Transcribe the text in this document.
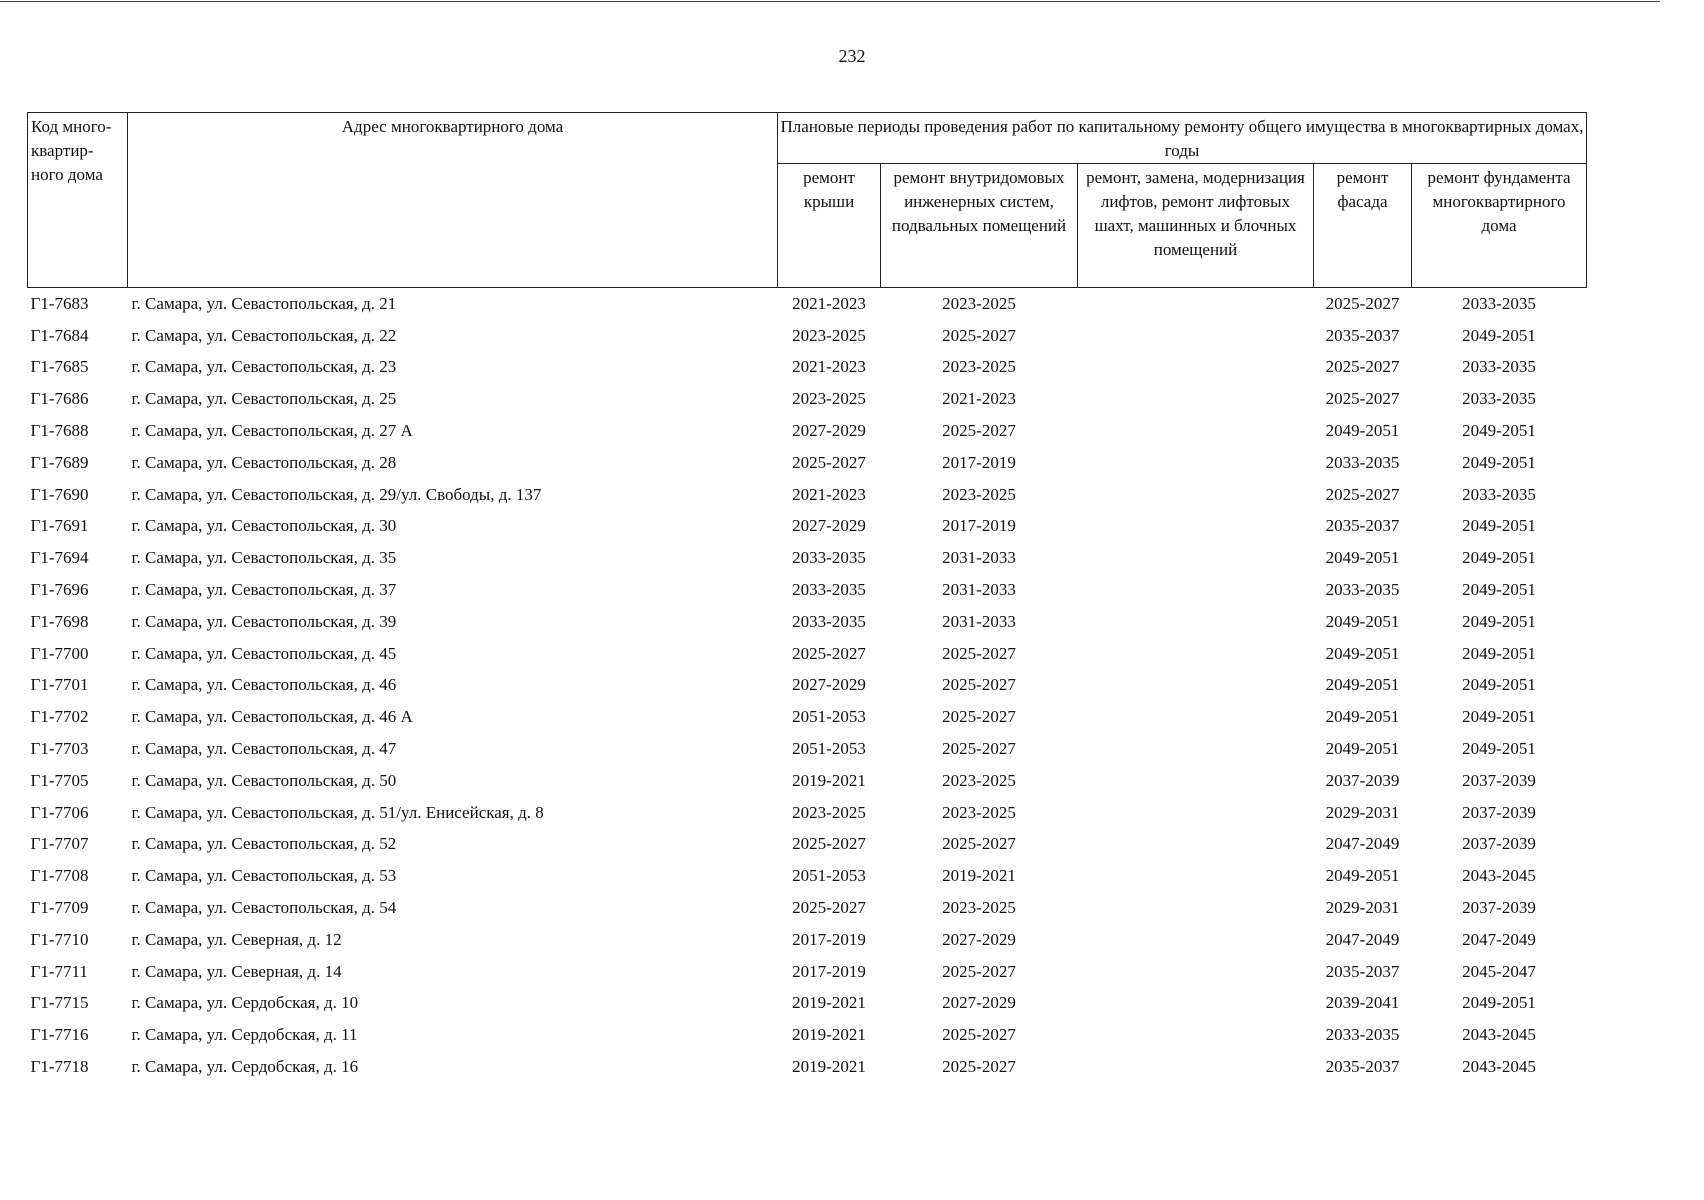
232
Код много-квартир-ного дома	Адрес многоквартирного дома	Плановые периоды проведения работ по капитальному ремонту общего имущества в многоквартирных домах, годы				
		ремонт крыши	ремонт внутридомовых инженерных систем, подвальных помещений	ремонт, замена, модернизация лифтов, ремонт лифтовых шахт, машинных и блочных помещений	ремонт фасада	ремонт фундамента многоквартирного дома
Г1-7683	г. Самара, ул. Севастопольская, д. 21	2021-2023	2023-2025		2025-2027	2033-2035
Г1-7684	г. Самара, ул. Севастопольская, д. 22	2023-2025	2025-2027		2035-2037	2049-2051
Г1-7685	г. Самара, ул. Севастопольская, д. 23	2021-2023	2023-2025		2025-2027	2033-2035
Г1-7686	г. Самара, ул. Севастопольская, д. 25	2023-2025	2021-2023		2025-2027	2033-2035
Г1-7688	г. Самара, ул. Севастопольская, д. 27 А	2027-2029	2025-2027		2049-2051	2049-2051
Г1-7689	г. Самара, ул. Севастопольская, д. 28	2025-2027	2017-2019		2033-2035	2049-2051
Г1-7690	г. Самара, ул. Севастопольская, д. 29/ул. Свободы, д. 137	2021-2023	2023-2025		2025-2027	2033-2035
Г1-7691	г. Самара, ул. Севастопольская, д. 30	2027-2029	2017-2019		2035-2037	2049-2051
Г1-7694	г. Самара, ул. Севастопольская, д. 35	2033-2035	2031-2033		2049-2051	2049-2051
Г1-7696	г. Самара, ул. Севастопольская, д. 37	2033-2035	2031-2033		2033-2035	2049-2051
Г1-7698	г. Самара, ул. Севастопольская, д. 39	2033-2035	2031-2033		2049-2051	2049-2051
Г1-7700	г. Самара, ул. Севастопольская, д. 45	2025-2027	2025-2027		2049-2051	2049-2051
Г1-7701	г. Самара, ул. Севастопольская, д. 46	2027-2029	2025-2027		2049-2051	2049-2051
Г1-7702	г. Самара, ул. Севастопольская, д. 46 А	2051-2053	2025-2027		2049-2051	2049-2051
Г1-7703	г. Самара, ул. Севастопольская, д. 47	2051-2053	2025-2027		2049-2051	2049-2051
Г1-7705	г. Самара, ул. Севастопольская, д. 50	2019-2021	2023-2025		2037-2039	2037-2039
Г1-7706	г. Самара, ул. Севастопольская, д. 51/ул. Енисейская, д. 8	2023-2025	2023-2025		2029-2031	2037-2039
Г1-7707	г. Самара, ул. Севастопольская, д. 52	2025-2027	2025-2027		2047-2049	2037-2039
Г1-7708	г. Самара, ул. Севастопольская, д. 53	2051-2053	2019-2021		2049-2051	2043-2045
Г1-7709	г. Самара, ул. Севастопольская, д. 54	2025-2027	2023-2025		2029-2031	2037-2039
Г1-7710	г. Самара, ул. Северная, д. 12	2017-2019	2027-2029		2047-2049	2047-2049
Г1-7711	г. Самара, ул. Северная, д. 14	2017-2019	2025-2027		2035-2037	2045-2047
Г1-7715	г. Самара, ул. Сердобская, д. 10	2019-2021	2027-2029		2039-2041	2049-2051
Г1-7716	г. Самара, ул. Сердобская, д. 11	2019-2021	2025-2027		2033-2035	2043-2045
Г1-7718	г. Самара, ул. Сердобская, д. 16	2019-2021	2025-2027		2035-2037	2043-2045
